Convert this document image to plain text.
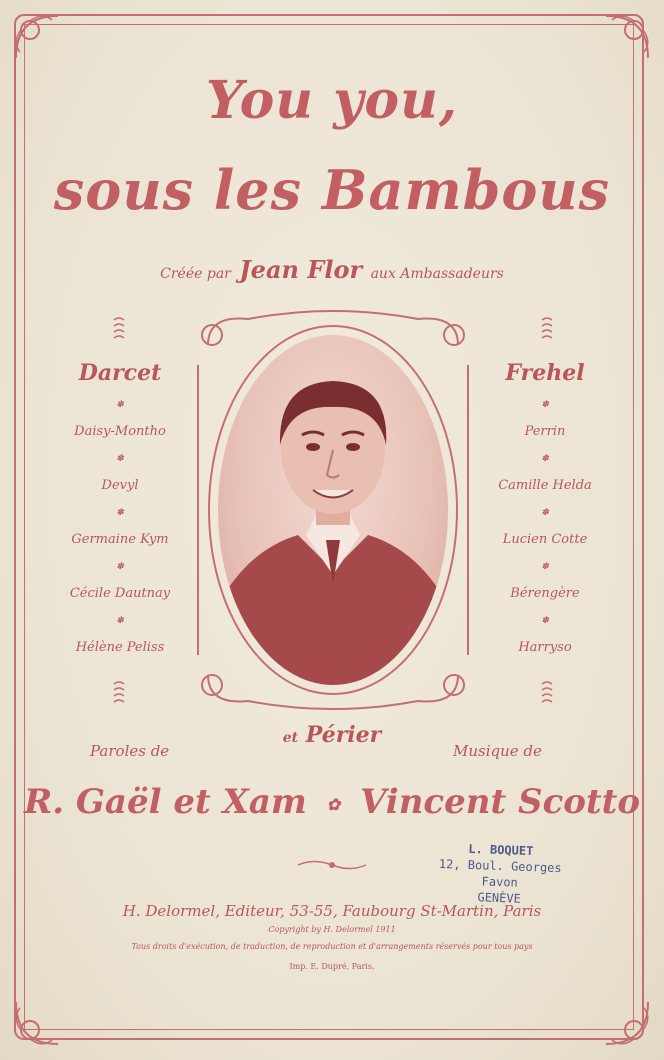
You you,
sous les Bambous
Créée par Jean Flor aux Ambassadeurs
Darcet
✽
Daisy-Montho
✽
Devyl
✽
Germaine Kym
✽
Cécile Dautnay
✽
Hélène Peliss
Frehel
✽
Perrin
✽
Camille Helda
✽
Lucien Cotte
✽
Bérengère
✽
Harryso
Paroles de	Musique de
et Périer
R. Gaël et Xam ✿ Vincent Scotto
L. BOQUET
12, Boul. Georges Favon
GENÈVE
H. Delormel, Editeur, 53-55, Faubourg St-Martin, Paris
Copyright by H. Delormel 1911
Tous droits d'exécution, de traduction, de reproduction et d'arrangements réservés pour tous pays
Imp. E. Dupré, Paris.
